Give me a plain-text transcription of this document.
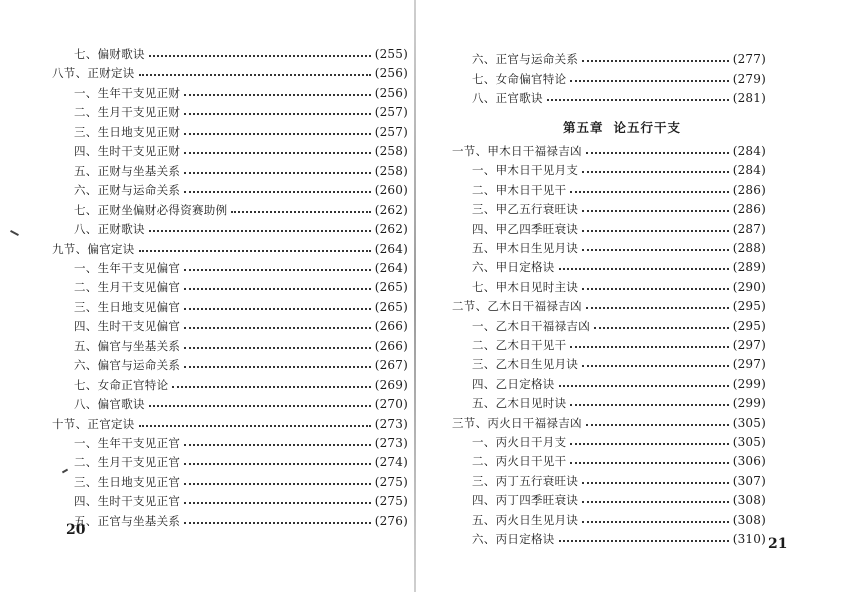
七、偏财歌诀	(255)
八节、正财定诀	(256)
一、生年干支见正财	(256)
二、生月干支见正财	(257)
三、生日地支见正财	(257)
四、生时干支见正财	(258)
五、正财与坐基关系	(258)
六、正财与运命关系	(260)
七、正财坐偏财必得资赛助例	(262)
八、正财歌诀	(262)
九节、偏官定诀	(264)
一、生年干支见偏官	(264)
二、生月干支见偏官	(265)
三、生日地支见偏官	(265)
四、生时干支见偏官	(266)
五、偏官与坐基关系	(266)
六、偏官与运命关系	(267)
七、女命正官特论	(269)
八、偏官歌诀	(270)
十节、正官定诀	(273)
一、生年干支见正官	(273)
二、生月干支见正官	(274)
三、生日地支见正官	(275)
四、生时干支见正官	(275)
五、正官与坐基关系	(276)
第五章 论五行干支
六、正官与运命关系	(277)
七、女命偏官特论	(279)
八、正官歌诀	(281)
一节、甲木日干福禄吉凶	(284)
一、甲木日干见月支	(284)
二、甲木日干见干	(286)
三、甲乙五行衰旺诀	(286)
四、甲乙四季旺衰诀	(287)
五、甲木日生见月诀	(288)
六、甲日定格诀	(289)
七、甲木日见时主诀	(290)
二节、乙木日干福禄吉凶	(295)
一、乙木日干福禄吉凶	(295)
二、乙木日干见干	(297)
三、乙木日生见月诀	(297)
四、乙日定格诀	(299)
五、乙木日见时诀	(299)
三节、丙火日干福禄吉凶	(305)
一、丙火日干月支	(305)
二、丙火日干见干	(306)
三、丙丁五行衰旺诀	(307)
四、丙丁四季旺衰诀	(308)
五、丙火日生见月诀	(308)
六、丙日定格诀	(310)
20
21
